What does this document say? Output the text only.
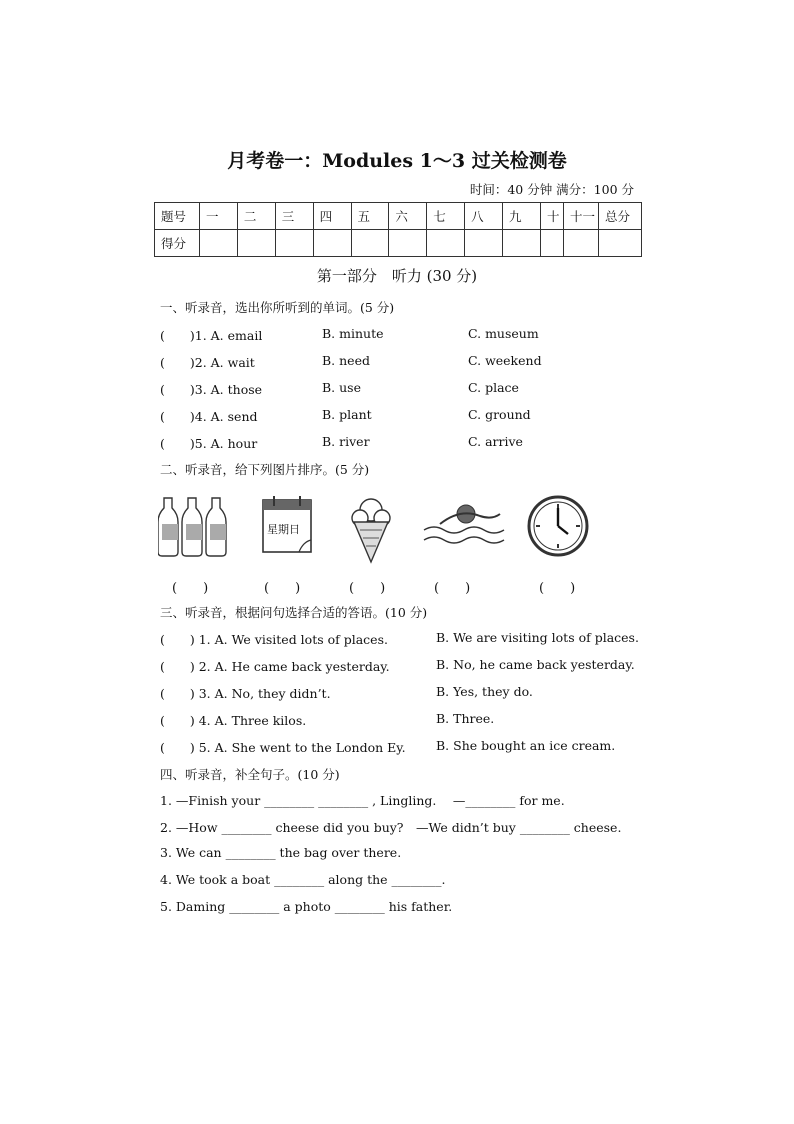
月考卷一：Modules 1～3 过关检测卷
时间：40 分钟 满分：100 分
题号	一	二	三	四	五	六	七	八	九	十	十一	总分
得分												
第一部分　听力 (30 分)
一、听录音，选出你所听到的单词。(5 分)
(　　)1. A. email	B. minute	C. museum
(　　)2. A. wait	B. need	C. weekend
(　　)3. A. those	B. use	C. place
(　　)4. A. send	B. plant	C. ground
(　　)5. A. hour	B. river	C. arrive
二、听录音，给下列图片排序。(5 分)
星期日
(　　)	(　　)	(　　)	(　　)	(　　)
三、听录音，根据问句选择合适的答语。(10 分)
(　　) 1. A. We visited lots of places.	B. We are visiting lots of places.
(　　) 2. A. He came back yesterday.	B. No, he came back yesterday.
(　　) 3. A. No, they didn’t.	B. Yes, they do.
(　　) 4. A. Three kilos.	B. Three.
(　　) 5. A. She went to the London Ey. B. She bought an ice cream.
四、听录音，补全句子。(10 分)
1. —Finish your ________ ________ , Lingling.　 —________ for me.
2. —How ________ cheese did you buy?　—We didn’t buy ________ cheese.
3. We can ________ the bag over there.
4. We took a boat ________ along the ________.
5. Daming ________ a photo ________ his father.
